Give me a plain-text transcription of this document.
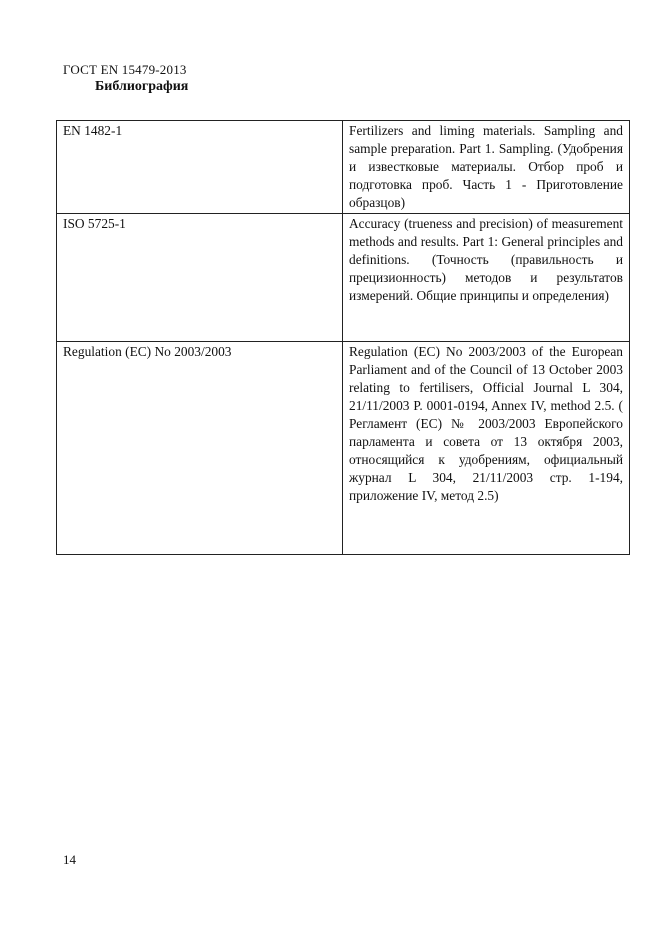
ГОСТ EN 15479-2013
Библиография
EN 1482-1	Fertilizers and liming materials. Sampling and sample preparation. Part 1. Sampling. (Удобрения и известковые материалы. Отбор проб и подготовка проб. Часть 1 - Приготовление образцов)
ISO 5725-1	Accuracy (trueness and precision) of measurement methods and results. Part 1: General principles and definitions. (Точность (правильность и прецизионность) методов и результатов измерений. Общие принципы и определения)
Regulation (EC) No 2003/2003	Regulation (EC) No 2003/2003 of the European Parliament and of the Council of 13 October 2003 relating to fertilisers, Official Journal L 304, 21/11/2003 P. 0001-0194, Annex IV, method 2.5. ( Регламент (ЕС) № 2003/2003 Европейского парламента и совета от 13 октября 2003, относящийся к удобрениям, официальный журнал L 304, 21/11/2003 стр. 1-194, приложение IV, метод 2.5)
14
